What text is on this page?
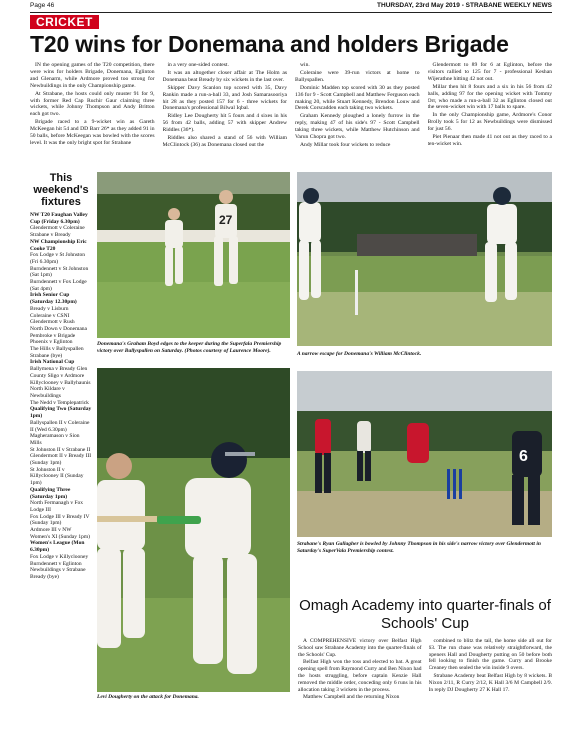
Page 46	THURSDAY, 23rd May 2019 - STRABANE WEEKLY NEWS
CRICKET
T20 wins for Donemana and holders Brigade

IN the opening games of the T20 competition, there were wins for holders Brigade, Donemana, Eglinton and Glenarm, while Ardmore proved too strong for Newbuildings in the only Championship game.

At Strabane, the hosts could only muster 91 for 9, with former Red Cap Ruchir Gaur claiming three wickets, while Johnny Thompson and Andy Britton each got two.

Brigade raced to a 9-wicket win as Gareth McKeegan hit 54 and DD Barr 26* as they added 91 in 50 balls, before McKeegan was bowled with the scores level. It was the only bright spot for Strabane

in a very one-sided contest.

It was an altogether closer affair at The Holm as Donemana beat Bready by six wickets in the last over.

Skipper Davy Scanlon top scored with 35, Davy Rankin made a run-a-ball 33, and Josh Samarasooriya hit 28 as they posted 157 for 6 - three wickets for Donemana's professional Bilwal Iqbal.

Ridley Lee Dougherty hit 5 fours and 4 sixes in his 56 from 42 balls, adding 57 with skipper Andrew Riddles (36*).

Riddles also shared a stand of 56 with William McClintock (36) as Donemana closed out the

win.

Coleraine were 39-run victors at home to Ballyspallen.

Dominic Madden top scored with 30 as they posted 136 for 9 - Scott Campbell and Matthew Ferguson each making 20, while Stuart Kennedy, Brendon Louw and Derek Corscadden each taking two wickets.

Graham Kennedy ploughed a lonely furrow in the reply, making 47 of his side's 97 - Scott Campbell taking three wickets, while Matthew Hutchinson and Varun Chopra got two.

Andy Millar took four wickets to reduce

Glendermott to 89 for 6 at Eglinton, before the visitors rallied to 125 for 7 - professional Keshan Wijerathne hitting 42 not out.

Millar then hit 8 fours and a six in his 56 from 42 balls, adding 97 for the opening wicket with Tommy Orr, who made a run-a-ball 32 as Eglinton closed out the seven-wicket win with 17 balls to spare.

In the only Championship game, Ardmore's Conor Brolly took 5 for 12 as Newbuildings were dismissed for just 56.

Piet Pienaar then made 41 not out as they raced to a ten-wicket win.

This weekend's fixtures
NW T20 Faughan Valley Cup (Friday 6.30pm)
Glendermott v Coleraine
Strabane v Bready
NW Championship Eric Cooke T20
Fox Lodge v St Johnston (Fri 6.30pm)
Burndennett v St Johnston (Sat 1pm)
Burndennett v Fox Lodge (Sat 4pm)
Irish Senior Cup (Saturday 12.30pm)
Bready v Lisburn
Coleraine v CSNI
Glendermott v Rush
North Down v Donemana
Pembroke v Brigade
Phoenix v Eglinton
The Hills v Ballyspallen
Strabane (bye)
Irish National Cup
Ballymena v Bready Glen
County Sligo v Ardmore
Killyclooney v Ballyhaunis
North Kildare v Newbuildings
The Nedd v Templepatrick
Qualifying Two (Saturday 1pm)
Ballyspallen II v Coleraine II (Wed 6.30pm)
Magheramason v Sion Mills
St Johnston II v Strabane II
Glendermott II v Bready III (Sunday 1pm)
St Johnston II v Killyclooney II (Sunday 1pm)
Qualifying Three (Saturday 1pm)
North Fermanagh v Fox Lodge III
Fox Lodge III v Bready IV (Sunday 1pm)
Ardmore III v NW Women's XI (Sunday 1pm)
Women's League (Mon 6.30pm)
Fox Lodge v Killyclooney
Burndennett v Eglinton
Newbuildings v Strabane
Bready (bye)
27
Donemana's Graham Boyd edges to the keeper during the Superfala Premiership victory over Ballyspallen on Saturday. (Photos courtesy of Laurence Moore).
A narrow escape for Donemana's William McClintock.
Levi Dougherty on the attack for Donemana.
6
Strabane's Ryan Gallagher is bowled by Johnny Thompson in his side's narrow victory over Glendermott in Saturday's SuperVala Premiership contest.
Omagh Academy into quarter-finals of Schools' Cup

A COMPREHENSIVE victory over Belfast High School saw Strabane Academy into the quarter-finals of the Schools' Cup.

Belfast High won the toss and elected to bat. A great opening spell from Raymond Curry and Ben Nixon had the hosts struggling, before captain Kenzie Hall removed the middle order, conceding only 6 runs in his allocation taking 3 wickets in the process.

Matthew Campbell and the returning Nixon

combined to blitz the tail, the home side all out for 63. The run chase was relatively straightforward, the openers Hall and Dougherty putting on 50 before both fell looking to finish the game. Curry and Brooke Creaney then sealed the win inside 9 overs.

Strabane Academy beat Belfast High by 8 wickets. B Nixon 2/11, R Curry 2/12, K Hall 3/6 M Campbell 2/9. In reply DJ Dougherty 27 K Hall 17.
